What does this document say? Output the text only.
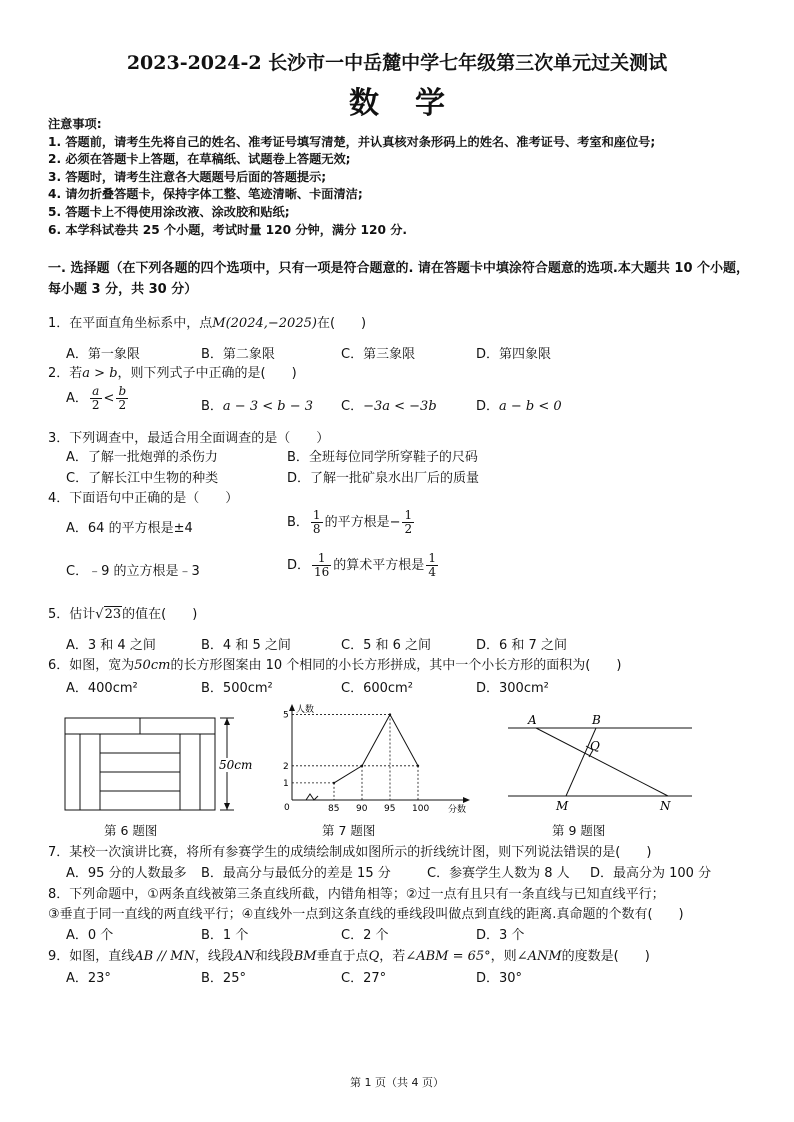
2023-2024-2 长沙市一中岳麓中学七年级第三次单元过关测试
数学
注意事项:
1. 答题前，请考生先将自己的姓名、准考证号填写清楚，并认真核对条形码上的姓名、准考证号、考室和座位号;
2. 必须在答题卡上答题，在草稿纸、试题卷上答题无效;
3. 答题时，请考生注意各大题题号后面的答题提示;
4. 请勿折叠答题卡，保持字体工整、笔迹清晰、卡面清洁;
5. 答题卡上不得使用涂改液、涂改胶和贴纸;
6. 本学科试卷共 25 个小题，考试时量 120 分钟，满分 120 分.
一. 选择题（在下列各题的四个选项中，只有一项是符合题意的. 请在答题卡中填涂符合题意的选项.本大题共 10 个小题，每小题 3 分，共 30 分）
1．在平面直角坐标系中，点M(2024,−2025)在(　　)
A．第一象限	B．第二象限	C．第三象限	D．第四象限
2．若a > b，则下列式子中正确的是(　　)
A． $\frac{a}{2} < \frac{b}{2}$	B．a − 3 < b − 3 C．−3a < −3b	D．a − b < 0
3．下列调查中，最适合用全面调查的是（　　）
A．了解一批炮弹的杀伤力	B．全班每位同学所穿鞋子的尺码
C．了解长江中生物的种类	D．了解一批矿泉水出厂后的质量
4．下面语句中正确的是（　　）
A．64 的平方根是±4	B． $\frac{1}{8}$ 的平方根是− $\frac{1}{2}$
C．﹣9 的立方根是﹣3	D． $\frac{1}{16}$ 的算术平方根是 $\frac{1}{4}$
5．估计√23的值在(　　)
A．3 和 4 之间	B．4 和 5 之间	C．5 和 6 之间	D．6 和 7 之间
6．如图，宽为50cm的长方形图案由 10 个相同的小长方形拼成，其中一个小长方形的面积为(　　)
A．400cm²	B．500cm²	C．600cm²	D．300cm²
50cm
第 6 题图
人数
分数
0
5
2
1
85 90 95 100
第 7 题图
A	B
Q
M	N
第 9 题图
7．某校一次演讲比赛，将所有参赛学生的成绩绘制成如图所示的折线统计图，则下列说法错误的是(　　)
A．95 分的人数最多 B．最高分与最低分的差是 15 分	C．参赛学生人数为 8 人 D．最高分为 100 分
8．下列命题中，①两条直线被第三条直线所截，内错角相等；②过一点有且只有一条直线与已知直线平行；
③垂直于同一直线的两直线平行；④直线外一点到这条直线的垂线段叫做点到直线的距离.真命题的个数有(　　)
A．0 个	B．1 个	C．2 个	D．3 个
9．如图，直线AB // MN，线段AN和线段BM垂直于点Q，若∠ABM = 65°，则∠ANM的度数是(　　)
A．23°	B．25°	C．27°	D．30°
第 1 页（共 4 页）
